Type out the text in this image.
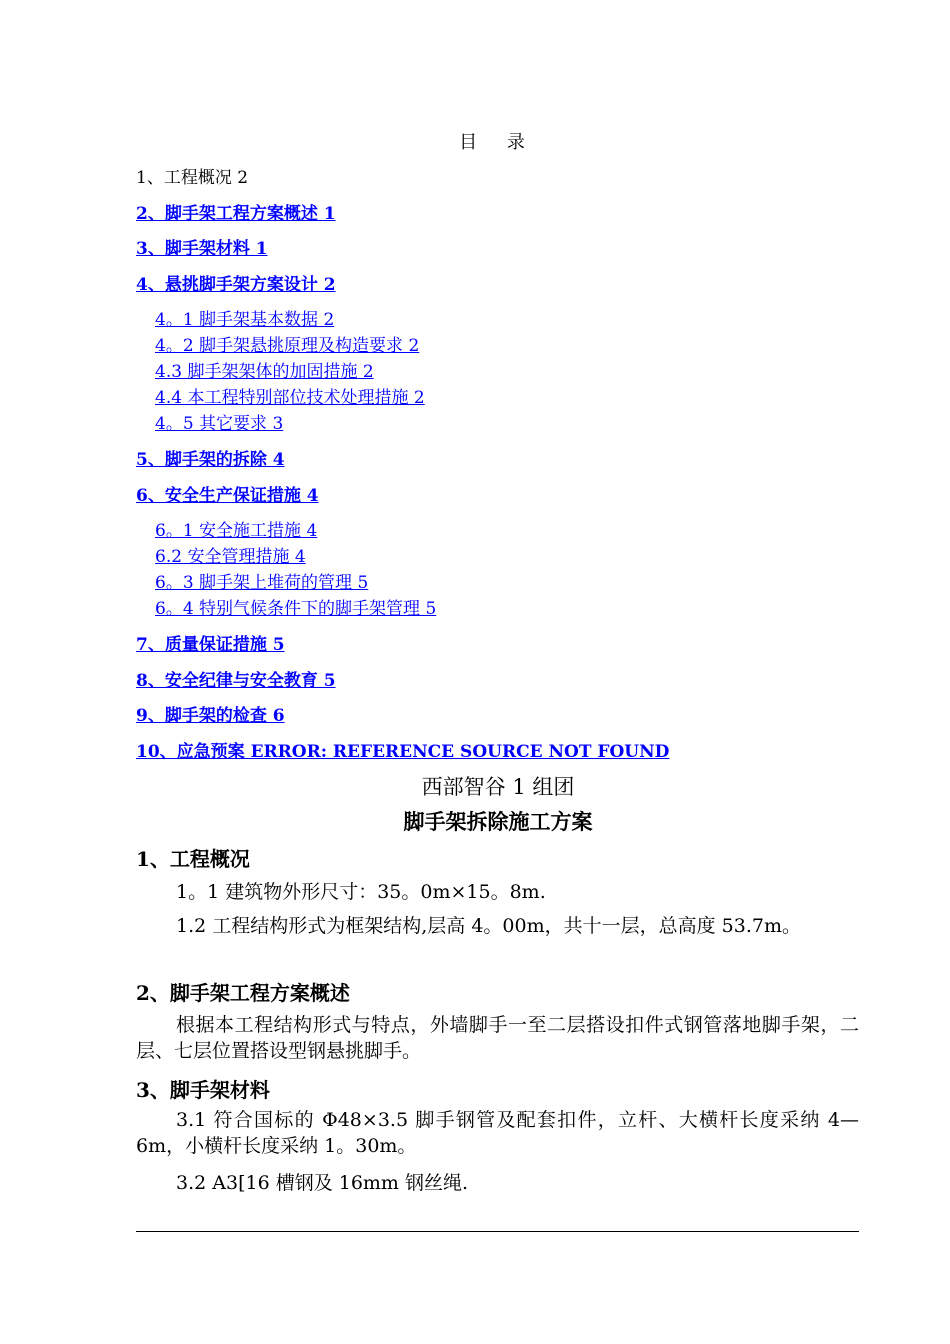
目 录
1、工程概况 2
2、脚手架工程方案概述 1
3、脚手架材料 1
4、悬挑脚手架方案设计 2
4。1 脚手架基本数据 2
4。2 脚手架悬挑原理及构造要求 2
4.3 脚手架架体的加固措施 2
4.4 本工程特别部位技术处理措施 2
4。5 其它要求 3
5、脚手架的拆除 4
6、安全生产保证措施 4
6。1 安全施工措施 4
6.2 安全管理措施 4
6。3 脚手架上堆荷的管理 5
6。4 特别气候条件下的脚手架管理 5
7、质量保证措施 5
8、安全纪律与安全教育 5
9、脚手架的检查 6
10、应急预案 ERROR: REFERENCE SOURCE NOT FOUND
西部智谷 1 组团
脚手架拆除施工方案
1、工程概况
1。1 建筑物外形尺寸：35。0m×15。8m.
1.2 工程结构形式为框架结构,层高 4。00m，共十一层，总高度 53.7m。
2、脚手架工程方案概述
根据本工程结构形式与特点，外墙脚手一至二层搭设扣件式钢管落地脚手架，二层、七层位置搭设型钢悬挑脚手。
3、脚手架材料
3.1 符合国标的 Φ48×3.5 脚手钢管及配套扣件，立杆、大横杆长度采纳 4—6m，小横杆长度采纳 1。30m。
3.2 A3[16 槽钢及 16mm 钢丝绳.
